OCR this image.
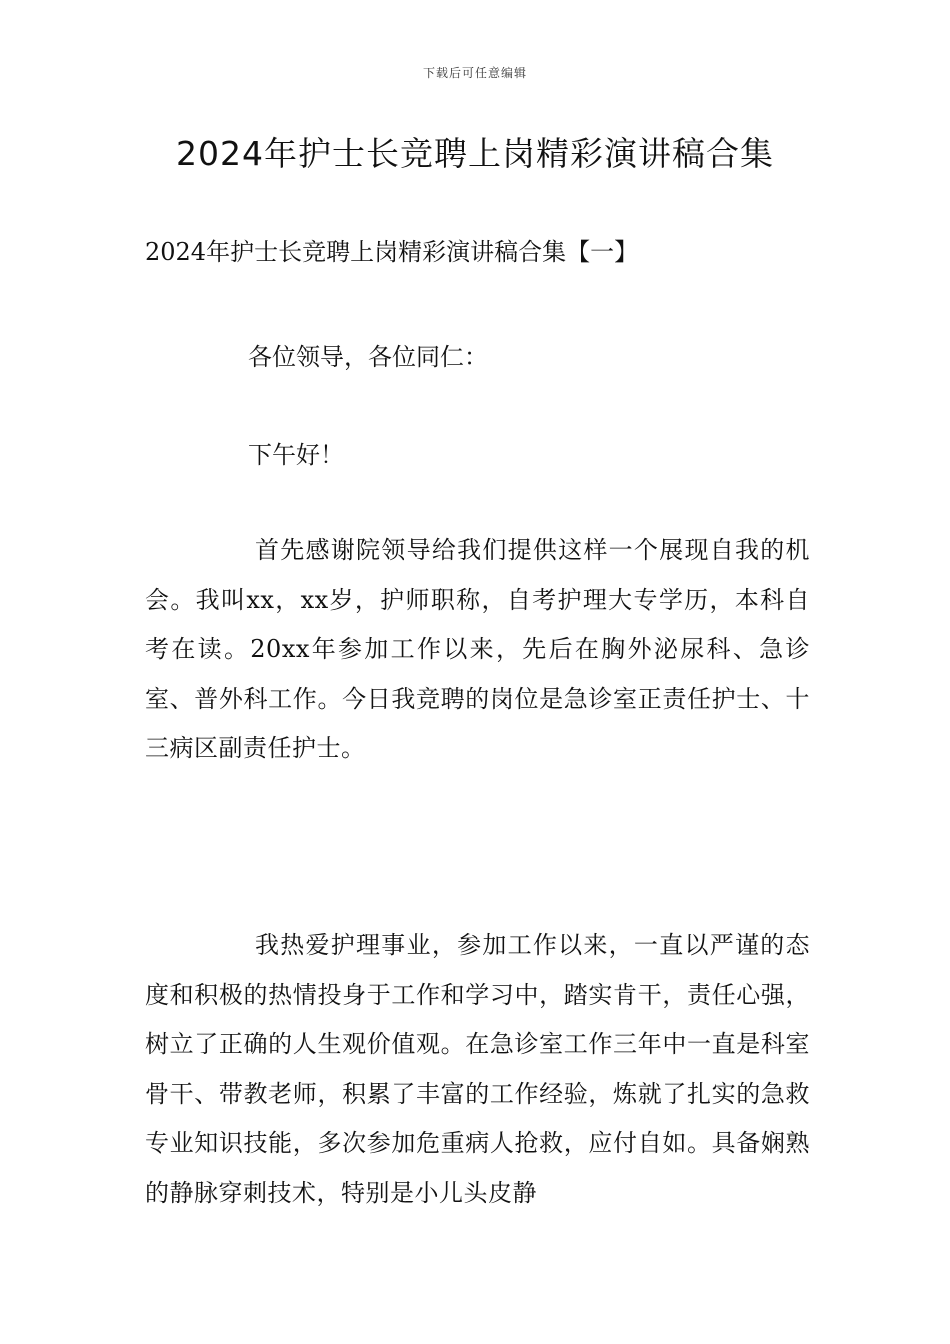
下载后可任意编辑
2024年护士长竞聘上岗精彩演讲稿合集
2024年护士长竞聘上岗精彩演讲稿合集【一】
各位领导，各位同仁：
下午好！
首先感谢院领导给我们提供这样一个展现自我的机会。我叫xx，xx岁，护师职称，自考护理大专学历，本科自考在读。20xx年参加工作以来，先后在胸外泌尿科、急诊室、普外科工作。今日我竞聘的岗位是急诊室正责任护士、十三病区副责任护士。
我热爱护理事业，参加工作以来，一直以严谨的态度和积极的热情投身于工作和学习中，踏实肯干，责任心强，树立了正确的人生观价值观。在急诊室工作三年中一直是科室骨干、带教老师，积累了丰富的工作经验，炼就了扎实的急救专业知识技能，多次参加危重病人抢救，应付自如。具备娴熟的静脉穿刺技术，特别是小儿头皮静
